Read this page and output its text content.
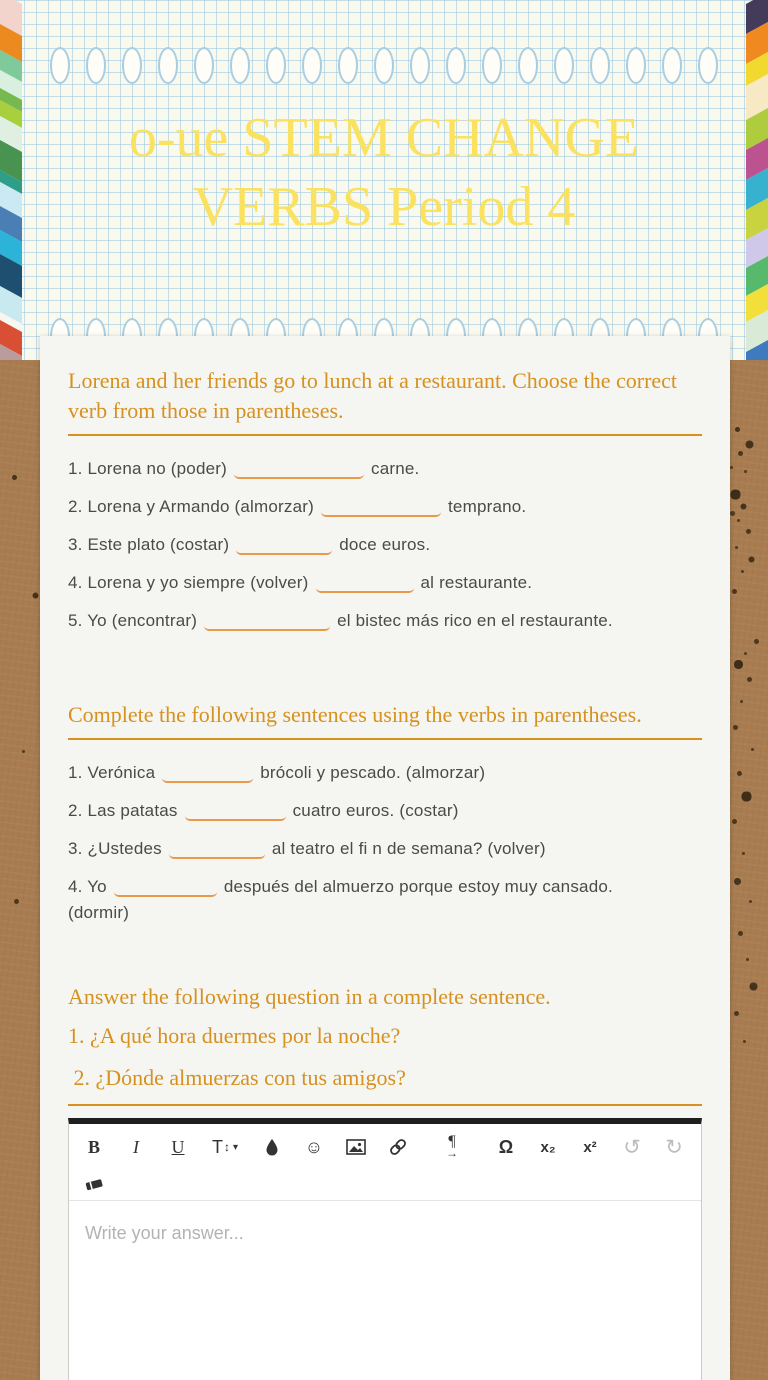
o-ue STEM CHANGE VERBS Period 4
Lorena and her friends go to lunch at a restaurant. Choose the correct verb from those in parentheses.

1. Lorena no (poder)	carne.

2. Lorena y Armando (almorzar)	temprano.

3. Este plato (costar)	doce euros.

4. Lorena y yo siempre (volver)	al restaurante.

5. Yo (encontrar)	el bistec más rico en el restaurante.

Complete the following sentences using the verbs in parentheses.

1. Verónica	brócoli y pescado. (almorzar)

2. Las patatas	cuatro euros. (costar)

3. ¿Ustedes	al teatro el fi n de semana? (volver)

4. Yo	después del almuerzo porque estoy muy cansado.
(dormir)

Answer the following question in a complete sentence.

1. ¿A qué hora duermes por la noche?

2. ¿Dónde almuerzas con tus amigos?

B	I	U	T ↕ ▾	☺	¶
→	Ω	x₂	x²	↺ ↻
Write your answer...
